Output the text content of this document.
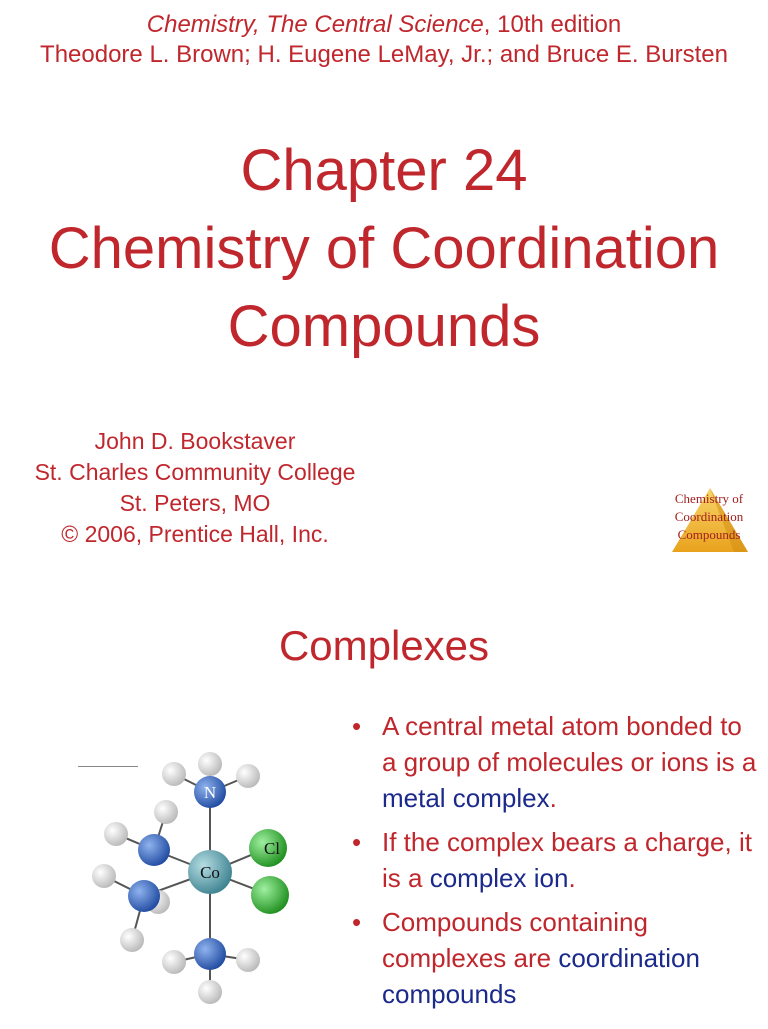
Chemistry, The Central Science, 10th edition
Theodore L. Brown; H. Eugene LeMay, Jr.; and Bruce E. Bursten
Chapter 24
Chemistry of Coordination
Compounds
John D. Bookstaver
St. Charles Community College
St. Peters, MO
© 2006, Prentice Hall, Inc.
Chemistry of
Coordination
Compounds
Complexes
N
Cl
Co
• A central metal atom bonded to a group of molecules or ions is a metal complex.
• If the complex bears a charge, it is a complex ion.
• Compounds containing complexes are coordination compounds
